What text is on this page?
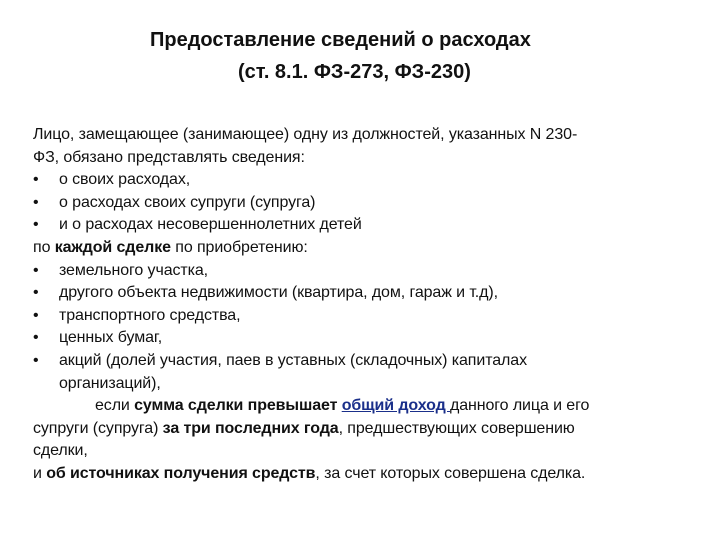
Предоставление сведений о расходах
(ст. 8.1. ФЗ-273, ФЗ-230)
Лицо, замещающее (занимающее) одну из должностей, указанных N 230-
ФЗ, обязано представлять сведения:
• о своих расходах,
• о расходах своих супруги (супруга)
• и о расходах несовершеннолетних детей
по каждой сделке по приобретению:
• земельного участка,
• другого объекта недвижимости (квартира, дом, гараж и т.д),
• транспортного средства,
• ценных бумаг,
• акций (долей участия, паев в уставных (складочных) капиталах
организаций),
если сумма сделки превышает общий доход данного лица и его
супруги (супруга) за три последних года, предшествующих совершению
сделки,
и об источниках получения средств, за счет которых совершена сделка.
